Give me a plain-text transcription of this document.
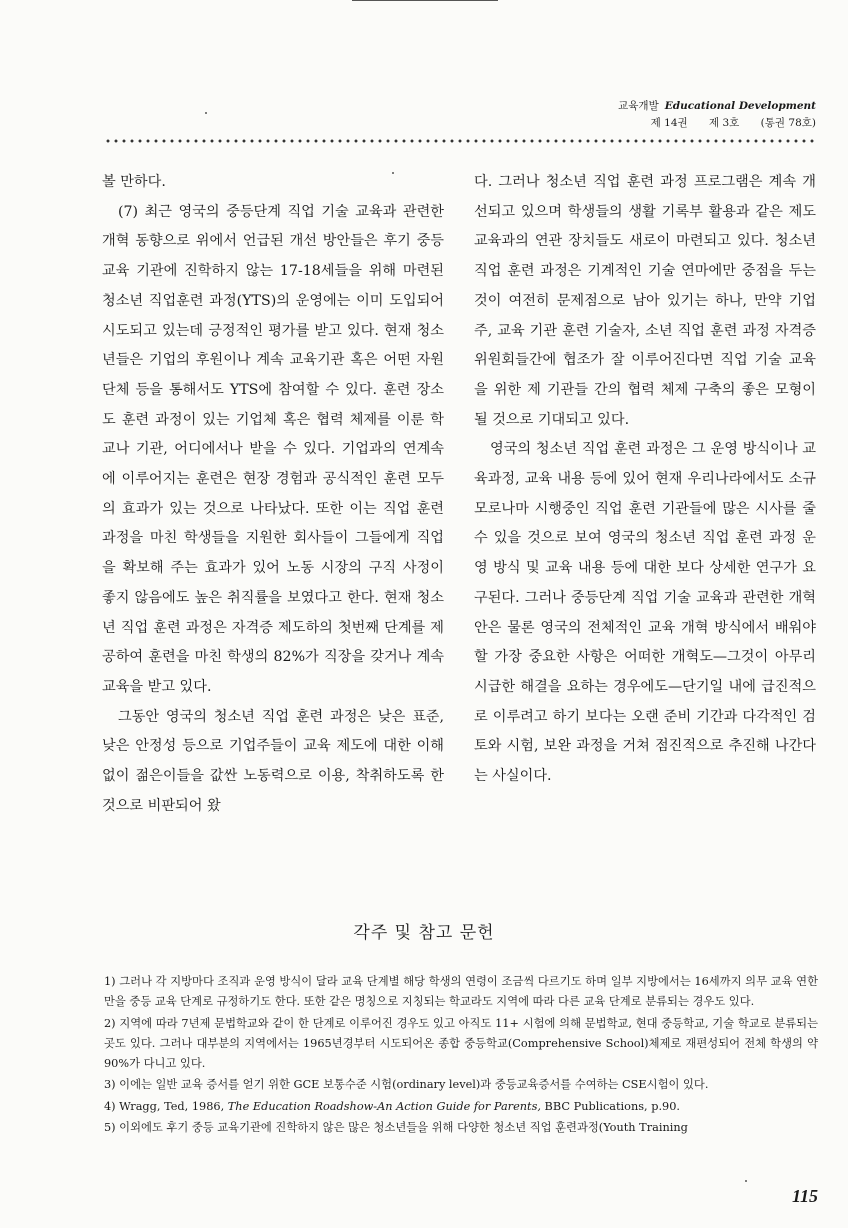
교육개발 Educational Development
제 14권 제 3호 (통권 78호)

볼 만하다.

(7) 최근 영국의 중등단계 직업 기술 교육과 관련한 개혁 동향으로 위에서 언급된 개선 방안들은 후기 중등 교육 기관에 진학하지 않는 17-18세들을 위해 마련된 청소년 직업훈련 과정(YTS)의 운영에는 이미 도입되어 시도되고 있는데 긍정적인 평가를 받고 있다. 현재 청소년들은 기업의 후원이나 계속 교육기관 혹은 어떤 자원 단체 등을 통해서도 YTS에 참여할 수 있다. 훈련 장소도 훈련 과정이 있는 기업체 혹은 협력 체제를 이룬 학교나 기관, 어디에서나 받을 수 있다. 기업과의 연계속에 이루어지는 훈련은 현장 경험과 공식적인 훈련 모두의 효과가 있는 것으로 나타났다. 또한 이는 직업 훈련과정을 마친 학생들을 지원한 회사들이 그들에게 직업을 확보해 주는 효과가 있어 노동 시장의 구직 사정이 좋지 않음에도 높은 취직률을 보였다고 한다. 현재 청소년 직업 훈련 과정은 자격증 제도하의 첫번째 단계를 제공하여 훈련을 마친 학생의 82%가 직장을 갖거나 계속 교육을 받고 있다.

그동안 영국의 청소년 직업 훈련 과정은 낮은 표준, 낮은 안정성 등으로 기업주들이 교육 제도에 대한 이해없이 젊은이들을 값싼 노동력으로 이용, 착취하도록 한 것으로 비판되어 왔

다. 그러나 청소년 직업 훈련 과정 프로그램은 계속 개선되고 있으며 학생들의 생활 기록부 활용과 같은 제도 교육과의 연관 장치들도 새로이 마련되고 있다. 청소년 직업 훈련 과정은 기계적인 기술 연마에만 중점을 두는 것이 여전히 문제점으로 남아 있기는 하나, 만약 기업주, 교육 기관 훈련 기술자, 소년 직업 훈련 과정 자격증 위원회들간에 협조가 잘 이루어진다면 직업 기술 교육을 위한 제 기관들 간의 협력 체제 구축의 좋은 모형이 될 것으로 기대되고 있다.

영국의 청소년 직업 훈련 과정은 그 운영 방식이나 교육과정, 교육 내용 등에 있어 현재 우리나라에서도 소규모로나마 시행중인 직업 훈련 기관들에 많은 시사를 줄 수 있을 것으로 보여 영국의 청소년 직업 훈련 과정 운영 방식 및 교육 내용 등에 대한 보다 상세한 연구가 요구된다. 그러나 중등단계 직업 기술 교육과 관련한 개혁안은 물론 영국의 전체적인 교육 개혁 방식에서 배워야 할 가장 중요한 사항은 어떠한 개혁도—그것이 아무리 시급한 해결을 요하는 경우에도—단기일 내에 급진적으로 이루려고 하기 보다는 오랜 준비 기간과 다각적인 검토와 시험, 보완 과정을 거쳐 점진적으로 추진해 나간다는 사실이다.

각주 및 참고 문헌

1) 그러나 각 지방마다 조직과 운영 방식이 달라 교육 단계별 해당 학생의 연령이 조금씩 다르기도 하며 일부 지방에서는 16세까지 의무 교육 연한만을 중등 교육 단계로 규정하기도 한다. 또한 같은 명칭으로 지칭되는 학교라도 지역에 따라 다른 교육 단계로 분류되는 경우도 있다.

2) 지역에 따라 7년제 문법학교와 같이 한 단계로 이루어진 경우도 있고 아직도 11+ 시험에 의해 문법학교, 현대 중등학교, 기술 학교로 분류되는 곳도 있다. 그러나 대부분의 지역에서는 1965년경부터 시도되어온 종합 중등학교(Comprehensive School)체제로 재편성되어 전체 학생의 약 90%가 다니고 있다.

3) 이에는 일반 교육 증서를 얻기 위한 GCE 보통수준 시험(ordinary level)과 중등교육증서를 수여하는 CSE시험이 있다.

4) Wragg, Ted, 1986, The Education Roadshow-An Action Guide for Parents, BBC Publications, p.90.

5) 이외에도 후기 중등 교육기관에 진학하지 않은 많은 청소년들을 위해 다양한 청소년 직업 훈련과정(Youth Training

115
